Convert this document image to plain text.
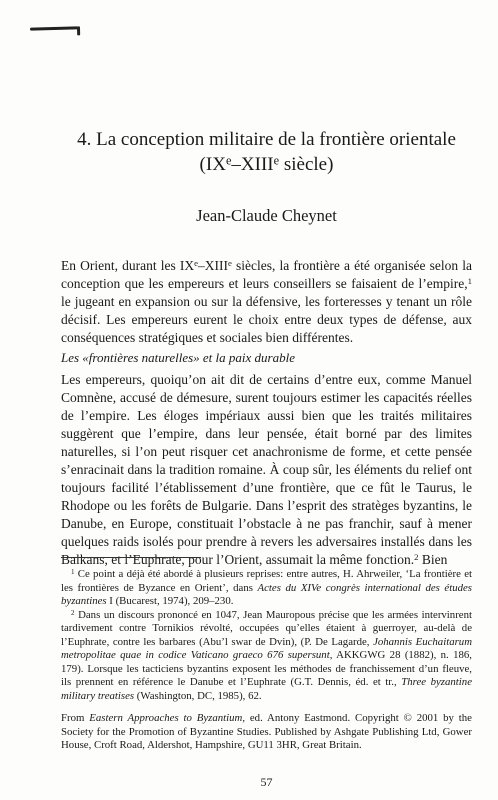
4. La conception militaire de la frontière orientale
(IXe–XIIIe siècle)
Jean-Claude Cheynet

En Orient, durant les IXe–XIIIe siècles, la frontière a été organisée selon la conception que les empereurs et leurs conseillers se faisaient de l’empire,$^1$ le jugeant en expansion ou sur la défensive, les forteresses y tenant un rôle décisif. Les empereurs eurent le choix entre deux types de défense, aux conséquences stratégiques et sociales bien différentes.

Les «frontières naturelles» et la paix durable

Les empereurs, quoiqu’on ait dit de certains d’entre eux, comme Manuel Comnène, accusé de démesure, surent toujours estimer les capacités réelles de l’empire. Les éloges impériaux aussi bien que les traités militaires suggèrent que l’empire, dans leur pensée, était borné par des limites naturelles, si l’on peut risquer cet anachronisme de forme, et cette pensée s’enracinait dans la tradition romaine. À coup sûr, les éléments du relief ont toujours facilité l’établissement d’une frontière, que ce fût le Taurus, le Rhodope ou les forêts de Bulgarie. Dans l’esprit des stratèges byzantins, le Danube, en Europe, constituait l’obstacle à ne pas franchir, sauf à mener quelques raids isolés pour prendre à revers les adversaires installés dans les Balkans, et l’Euphrate, pour l’Orient, assumait la même fonction.$^2$ Bien

$^1$ Ce point a déjà été abordé à plusieurs reprises: entre autres, H. Ahrweiler, ‘La frontière et les frontières de Byzance en Orient’, dans Actes du XIVe congrès international des études byzantines I (Bucarest, 1974), 209–230.

$^2$ Dans un discours prononcé en 1047, Jean Mauropous précise que les armées intervinrent tardivement contre Tornikios révolté, occupées qu’elles étaient à guerroyer, au-delà de l’Euphrate, contre les barbares (Abu’l swar de Dvin), (P. De Lagarde, Johannis Euchaitarum metropolitae quae in codice Vaticano graeco 676 supersunt, AKKGWG 28 (1882), n. 186, 179). Lorsque les tacticiens byzantins exposent les méthodes de franchissement d’un fleuve, ils prennent en référence le Danube et l’Euphrate (G.T. Dennis, éd. et tr., Three byzantine military treatises (Washington, DC, 1985), 62.

From Eastern Approaches to Byzantium, ed. Antony Eastmond. Copyright © 2001 by the Society for the Promotion of Byzantine Studies. Published by Ashgate Publishing Ltd, Gower House, Croft Road, Aldershot, Hampshire, GU11 3HR, Great Britain.

57
